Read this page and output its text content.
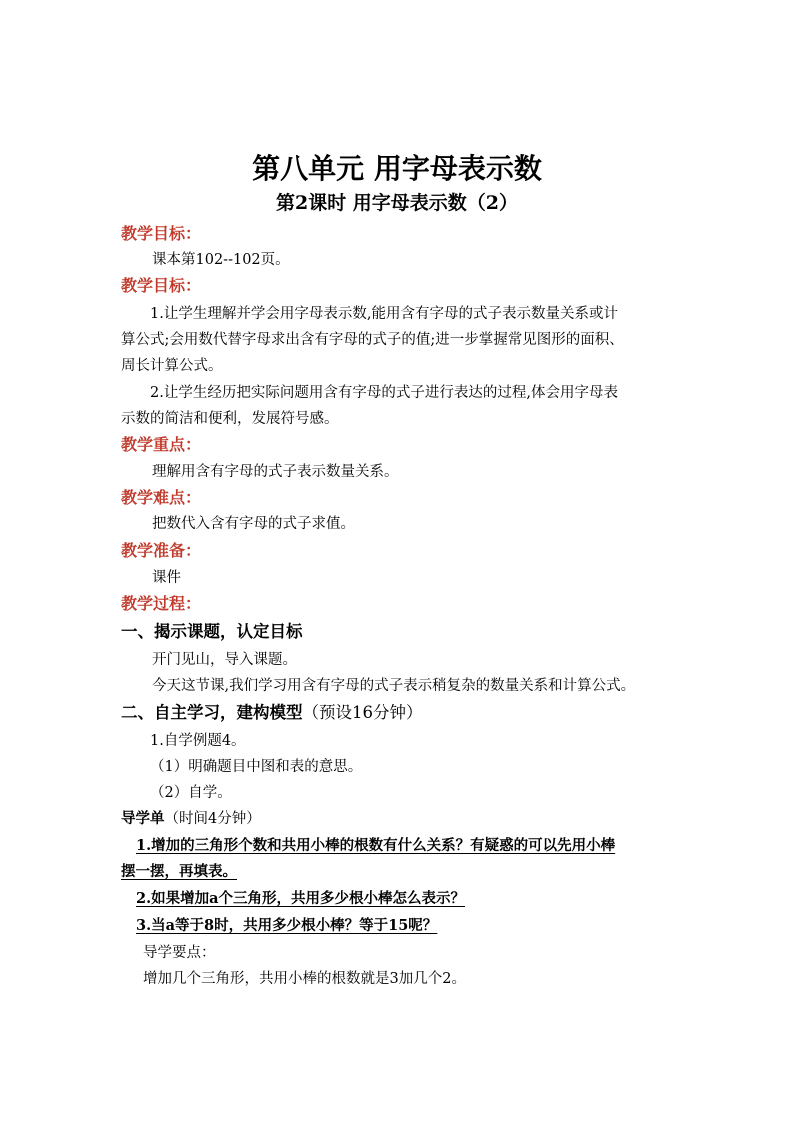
第八单元 用字母表示数
第2课时 用字母表示数（2）
教学目标：
课本第102--102页。
教学目标：
1.让学生理解并学会用字母表示数,能用含有字母的式子表示数量关系或计
算公式;会用数代替字母求出含有字母的式子的值;进一步掌握常见图形的面积、
周长计算公式。
2.让学生经历把实际问题用含有字母的式子进行表达的过程,体会用字母表
示数的简洁和便利，发展符号感。
教学重点：
理解用含有字母的式子表示数量关系。
教学难点：
把数代入含有字母的式子求值。
教学准备：
课件
教学过程：
一、揭示课题，认定目标
开门见山，导入课题。
今天这节课,我们学习用含有字母的式子表示稍复杂的数量关系和计算公式。
二、自主学习，建构模型（预设16分钟）
1.自学例题4。
（1）明确题目中图和表的意思。
（2）自学。
导学单（时间4分钟）
1.增加的三角形个数和共用小棒的根数有什么关系？有疑惑的可以先用小棒
摆一摆，再填表。
2.如果增加a个三角形，共用多少根小棒怎么表示？
3.当a等于8时，共用多少根小棒？等于15呢？
导学要点：
增加几个三角形，共用小棒的根数就是3加几个2。
